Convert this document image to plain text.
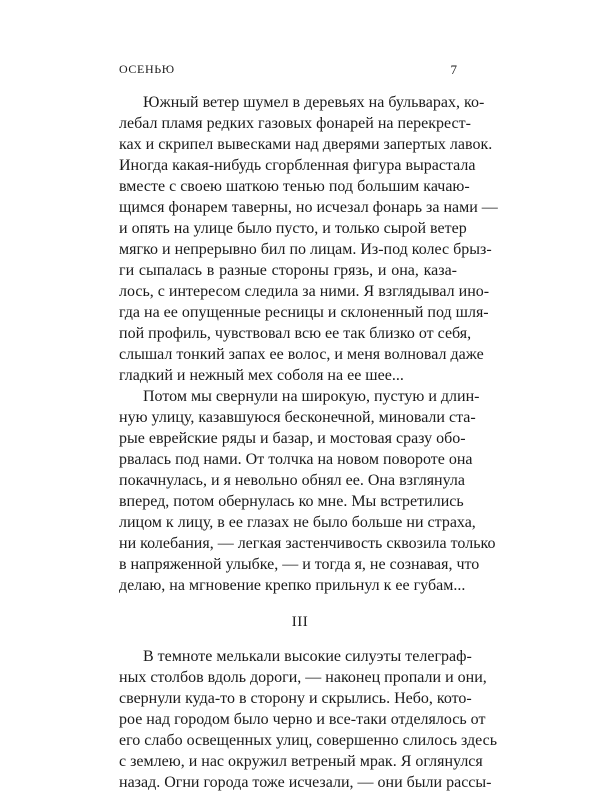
ОСЕНЬЮ	7
Южный ветер шумел в деревьях на бульварах, ко-
лебал пламя редких газовых фонарей на перекрест-
ках и скрипел вывесками над дверями запертых лавок.
Иногда какая-нибудь сгорбленная фигура вырастала
вместе с своею шаткою тенью под большим качаю-
щимся фонарем таверны, но исчезал фонарь за нами —
и опять на улице было пусто, и только сырой ветер
мягко и непрерывно бил по лицам. Из-под колес брыз-
ги сыпалась в разные стороны грязь, и она, казa-
лось, с интересом следила за ними. Я взглядывал ино-
гда на ее опущенные ресницы и склоненный под шля-
пой профиль, чувствовал всю ее так близко от себя,
слышал тонкий запах ее волос, и меня волновал даже
гладкий и нежный мех соболя на ее шее...
Потом мы свернули на широкую, пустую и длин-
ную улицу, казавшуюся бесконечной, миновали ста-
рые еврейские ряды и базар, и мостовая сразу обо-
рвалась под нами. От толчка на новом повороте она
покачнулась, и я невольно обнял ее. Она взглянула
вперед, потом обернулась ко мне. Мы встретились
лицом к лицу, в ее глазах не было больше ни страха,
ни колебания, — легкая застенчивость сквозила только
в напряженной улыбке, — и тогда я, не сознавая, что
делаю, на мгновение крепко прильнул к ее губам...
III
В темноте мелькали высокие силуэты телеграф-
ных столбов вдоль дороги, — наконец пропали и они,
свернули куда-то в сторону и скрылись. Небо, кото-
рое над городом было черно и все-таки отделялось от
его слабо освещенных улиц, совершенно слилось здесь
с землею, и нас окружил ветреный мрак. Я оглянулся
назад. Огни города тоже исчезали, — они были рассы-
